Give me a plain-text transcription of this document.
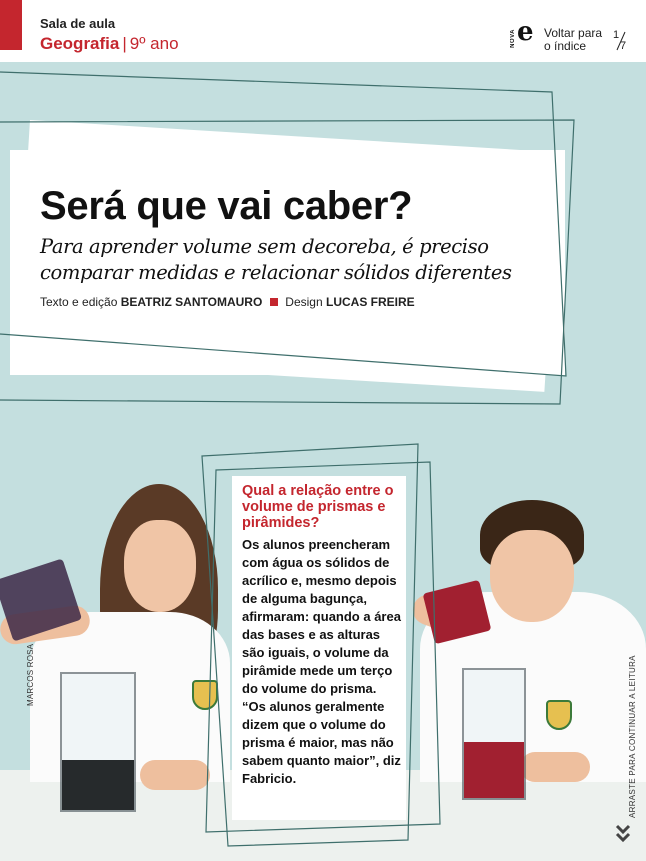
Sala de aula
Geografia | 9º ano	NOVA e Voltar para
o índice
1
7
Será que vai caber?
Para aprender volume sem decoreba, é preciso comparar medidas e relacionar sólidos diferentes
Texto e edição BEATRIZ SANTOMAURO Design LUCAS FREIRE
Qual a relação entre o volume de prismas e pirâmides?
Os alunos preencheram com água os sólidos de acrílico e, mesmo depois de alguma bagunça, afirmaram: quando a área das bases e as alturas são iguais, o volume da pirâmide mede um terço do volume do prisma. “Os alunos geralmente dizem que o volume do prisma é maior, mas não sabem quanto maior”, diz Fabricio.
MARCOS ROSA	ARRASTE PARA CONTINUAR A LEITURA
